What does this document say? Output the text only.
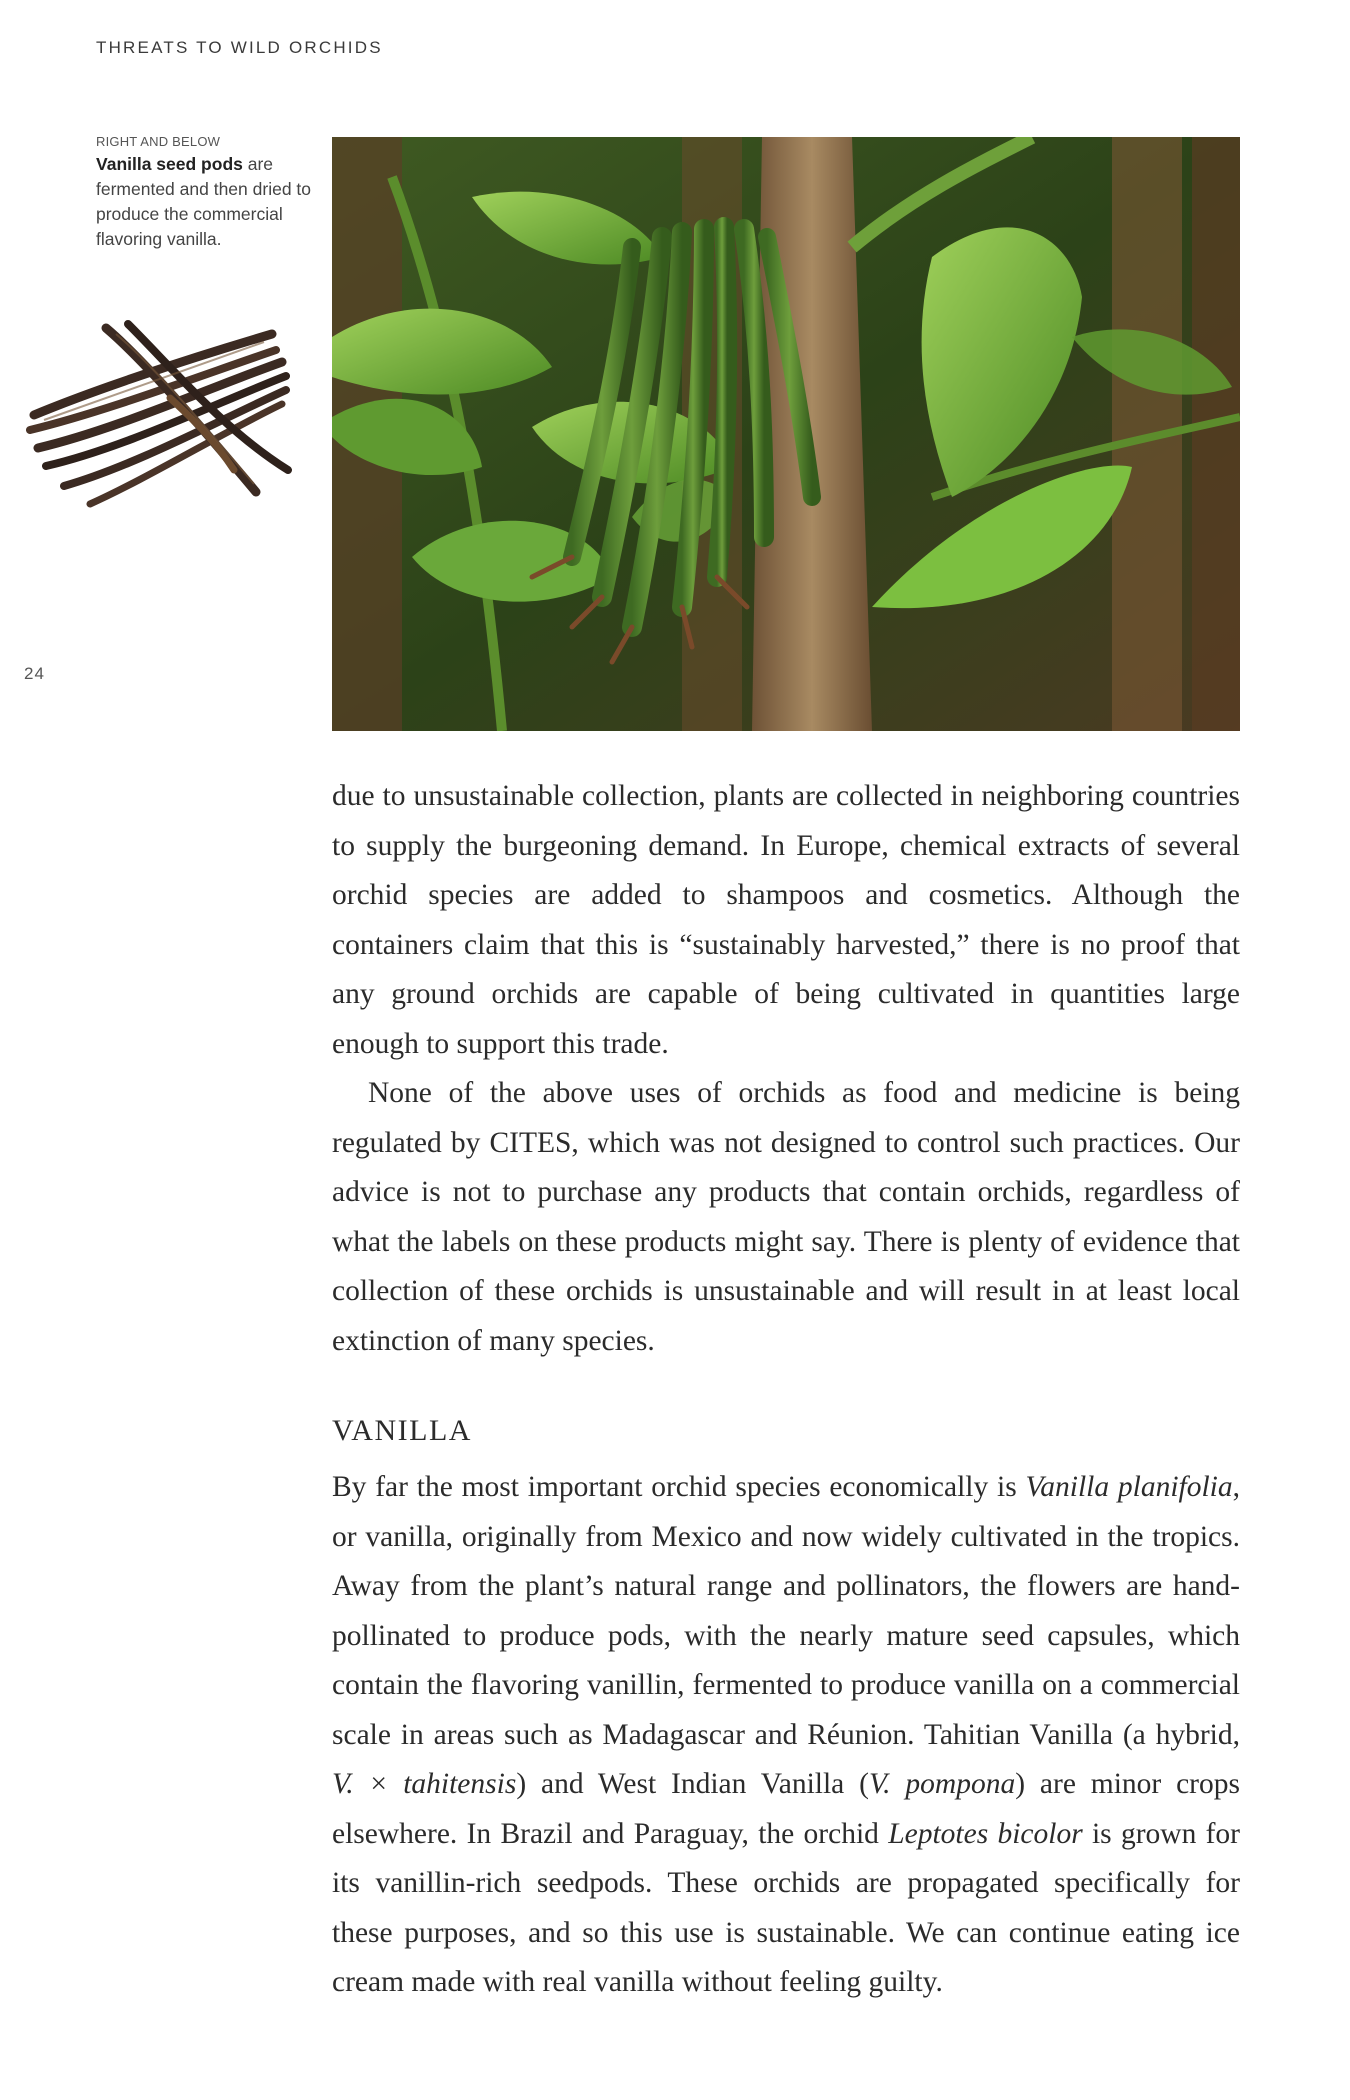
THREATS TO WILD ORCHIDS
RIGHT AND BELOW
Vanilla seed pods are fermented and then dried to produce the commercial flavoring vanilla.
24

due to unsustainable collection, plants are collected in neighboring countries to supply the burgeoning demand. In Europe, chemical extracts of several orchid species are added to shampoos and cosmetics. Although the containers claim that this is “sustainably harvested,” there is no proof that any ground orchids are capable of being cultivated in quantities large enough to support this trade.

None of the above uses of orchids as food and medicine is being regulated by CITES, which was not designed to control such practices. Our advice is not to purchase any products that contain orchids, regardless of what the labels on these products might say. There is plenty of evidence that collection of these orchids is unsustainable and will result in at least local extinction of many species.

VANILLA

By far the most important orchid species economically is Vanilla planifolia, or vanilla, originally from Mexico and now widely cultivated in the tropics. Away from the plant’s natural range and pollinators, the flowers are hand-pollinated to produce pods, with the nearly mature seed capsules, which contain the flavoring vanillin, fermented to produce vanilla on a commercial scale in areas such as Madagascar and Réunion. Tahitian Vanilla (a hybrid, V. × tahitensis) and West Indian Vanilla (V. pompona) are minor crops elsewhere. In Brazil and Paraguay, the orchid Leptotes bicolor is grown for its vanillin-rich seedpods. These orchids are propagated specifically for these purposes, and so this use is sustainable. We can continue eating ice cream made with real vanilla without feeling guilty.
